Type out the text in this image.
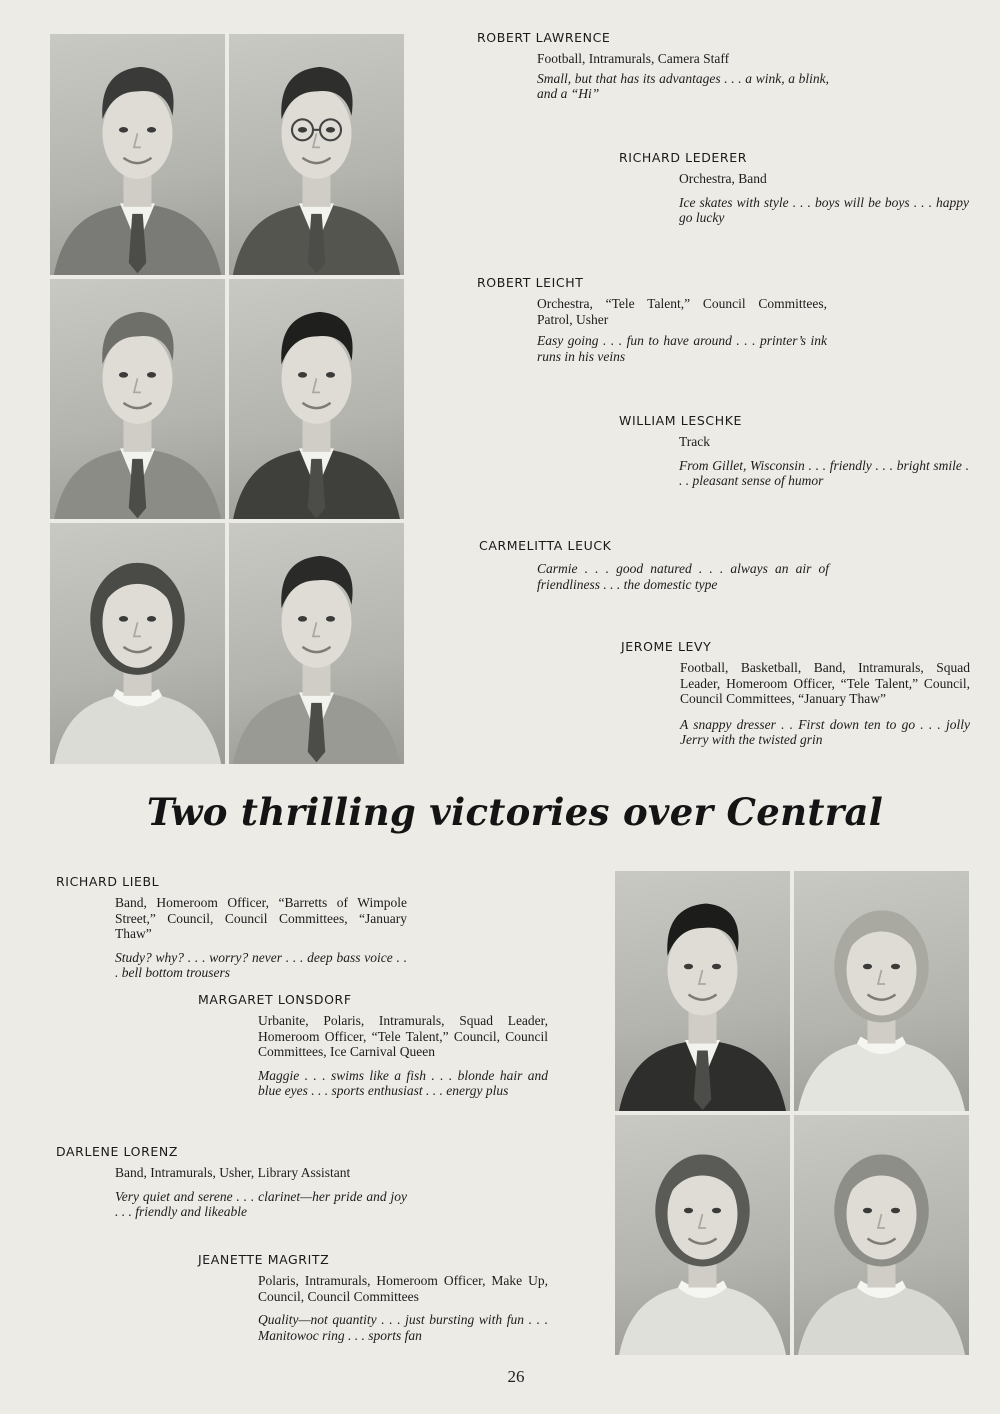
ROBERT LAWRENCE
Football, Intramurals, Camera Staff
Small, but that has its advantages . . . a wink, a blink, and a “Hi”
RICHARD LEDERER
Orchestra, Band
Ice skates with style . . . boys will be boys . . . happy go lucky
ROBERT LEICHT
Orchestra, “Tele Talent,” Council Committees, Patrol, Usher
Easy going . . . fun to have around . . . printer’s ink runs in his veins
WILLIAM LESCHKE
Track
From Gillet, Wisconsin . . . friendly . . . bright smile . . . pleasant sense of humor
CARMELITTA LEUCK
Carmie . . . good natured . . . always an air of friendliness . . . the domestic type
JEROME LEVY
Football, Basketball, Band, Intramurals, Squad Leader, Homeroom Officer, “Tele Talent,” Council, Council Committees, “January Thaw”
A snappy dresser . . First down ten to go . . . jolly Jerry with the twisted grin
Two thrilling victories over Central
RICHARD LIEBL
Band, Homeroom Officer, “Barretts of Wimpole Street,” Council, Council Committees, “January Thaw”
Study? why? . . . worry? never . . . deep bass voice . . . bell bottom trousers
MARGARET LONSDORF
Urbanite, Polaris, Intramurals, Squad Leader, Homeroom Officer, “Tele Talent,” Council, Council Committees, Ice Carnival Queen
Maggie . . . swims like a fish . . . blonde hair and blue eyes . . . sports enthusiast . . . energy plus
DARLENE LORENZ
Band, Intramurals, Usher, Library Assistant
Very quiet and serene . . . clarinet—her pride and joy . . . friendly and likeable
JEANETTE MAGRITZ
Polaris, Intramurals, Homeroom Officer, Make Up, Council, Council Committees
Quality—not quantity . . . just bursting with fun . . . Manitowoc ring . . . sports fan
26
